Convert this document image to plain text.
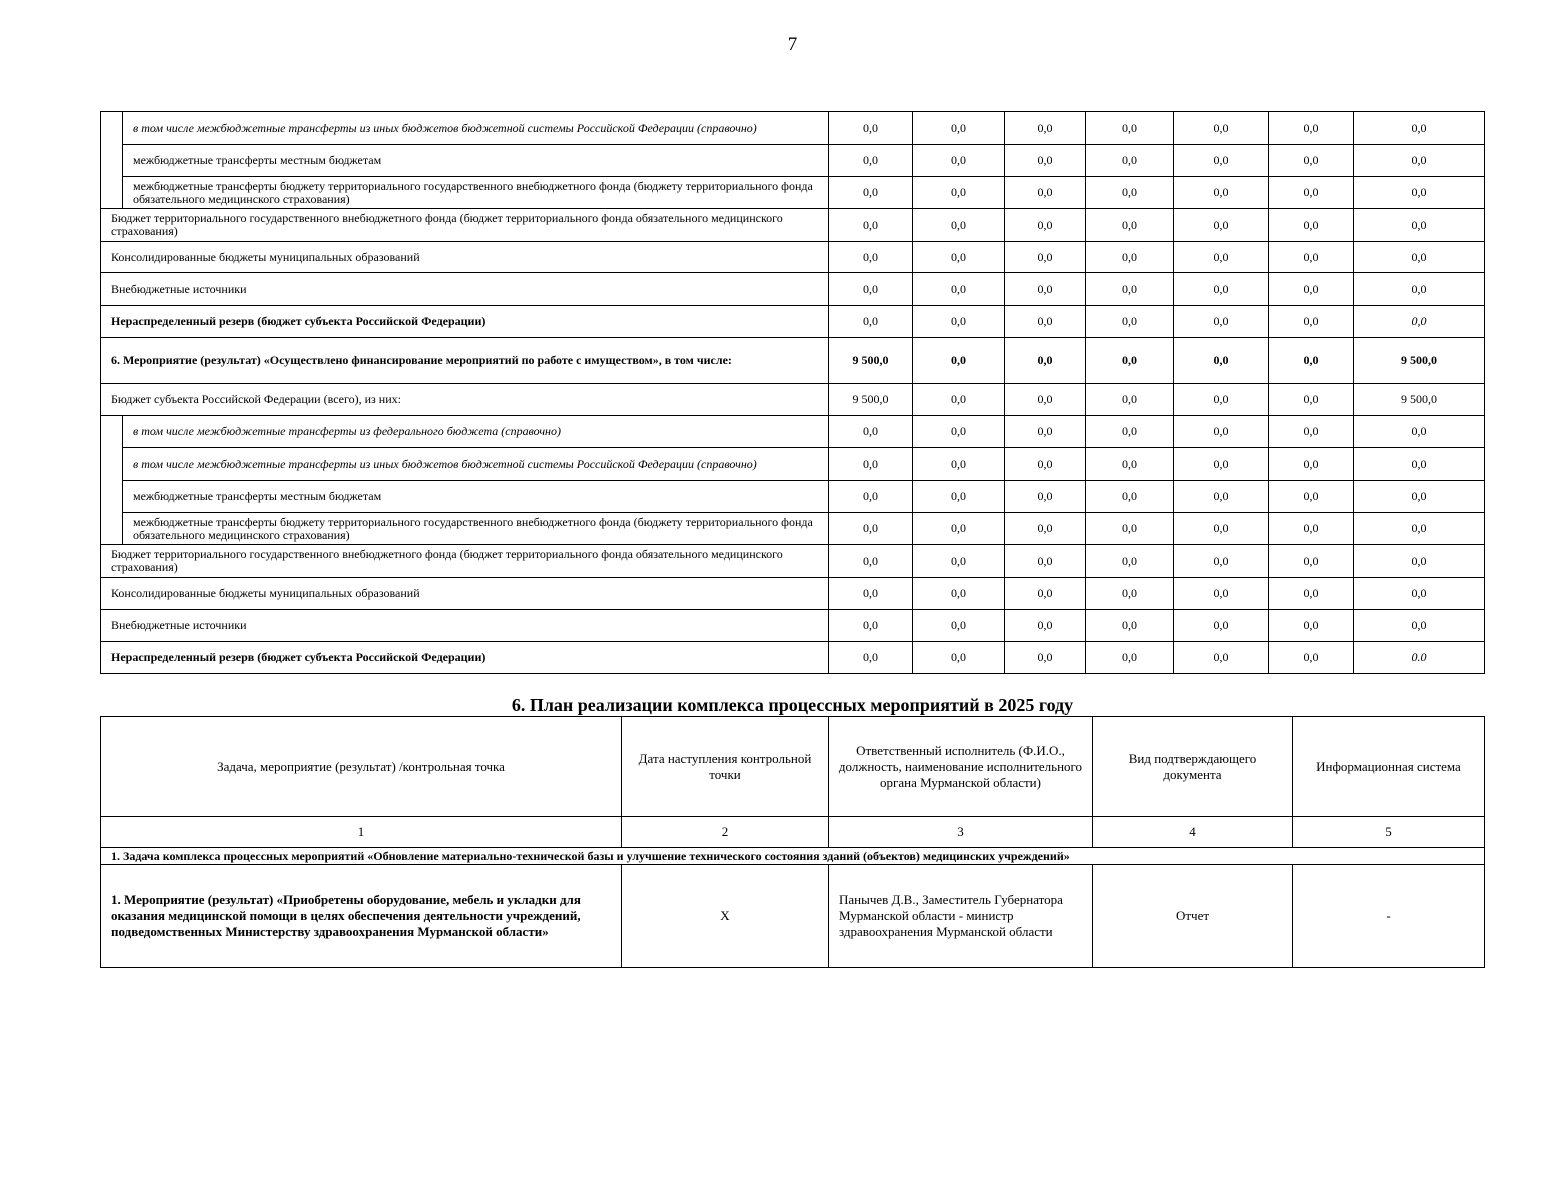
7
	в том числе межбюджетные трансферты из иных бюджетов бюджетной системы Российской Федерации (справочно)	0,0	0,0	0,0	0,0	0,0	0,0	0,0
	межбюджетные трансферты местным бюджетам	0,0	0,0	0,0	0,0	0,0	0,0	0,0
	межбюджетные трансферты бюджету территориального государственного внебюджетного фонда (бюджету территориального фонда обязательного медицинского страхования)	0,0	0,0	0,0	0,0	0,0	0,0	0,0
Бюджет территориального государственного внебюджетного фонда (бюджет территориального фонда обязательного медицинского страхования)		0,0	0,0	0,0	0,0	0,0	0,0	0,0
Консолидированные бюджеты муниципальных образований		0,0	0,0	0,0	0,0	0,0	0,0	0,0
Внебюджетные источники		0,0	0,0	0,0	0,0	0,0	0,0	0,0
Нераспределенный резерв (бюджет субъекта Российской Федерации)		0,0	0,0	0,0	0,0	0,0	0,0	0,0
6. Мероприятие (результат) «Осуществлено финансирование мероприятий по работе с имуществом», в том числе:		9 500,0	0,0	0,0	0,0	0,0	0,0	9 500,0
Бюджет субъекта Российской Федерации (всего), из них:		9 500,0	0,0	0,0	0,0	0,0	0,0	9 500,0
	в том числе межбюджетные трансферты из федерального бюджета (справочно)	0,0	0,0	0,0	0,0	0,0	0,0	0,0
	в том числе межбюджетные трансферты из иных бюджетов бюджетной системы Российской Федерации (справочно)	0,0	0,0	0,0	0,0	0,0	0,0	0,0
	межбюджетные трансферты местным бюджетам	0,0	0,0	0,0	0,0	0,0	0,0	0,0
	межбюджетные трансферты бюджету территориального государственного внебюджетного фонда (бюджету территориального фонда обязательного медицинского страхования)	0,0	0,0	0,0	0,0	0,0	0,0	0,0
Бюджет территориального государственного внебюджетного фонда (бюджет территориального фонда обязательного медицинского страхования)		0,0	0,0	0,0	0,0	0,0	0,0	0,0
Консолидированные бюджеты муниципальных образований		0,0	0,0	0,0	0,0	0,0	0,0	0,0
Внебюджетные источники		0,0	0,0	0,0	0,0	0,0	0,0	0,0
Нераспределенный резерв (бюджет субъекта Российской Федерации)		0,0	0,0	0,0	0,0	0,0	0,0	0.0
6. План реализации комплекса процессных мероприятий в 2025 году
Задача, мероприятие (результат) /контрольная точка	Дата наступления контрольной точки	Ответственный исполнитель (Ф.И.О., должность, наименование исполнительного органа Мурманской области)	Вид подтверждающего документа	Информационная система
1	2	3	4	5
1. Задача комплекса процессных мероприятий «Обновление материально-технической базы и улучшение технического состояния зданий (объектов) медицинских учреждений»				
1. Мероприятие (результат) «Приобретены оборудование, мебель и укладки для оказания медицинской помощи в целях обеспечения деятельности учреждений, подведомственных Министерству здравоохранения Мурманской области»	X	Панычев Д.В., Заместитель Губернатора Мурманской области - министр здравоохранения Мурманской области	Отчет	-
